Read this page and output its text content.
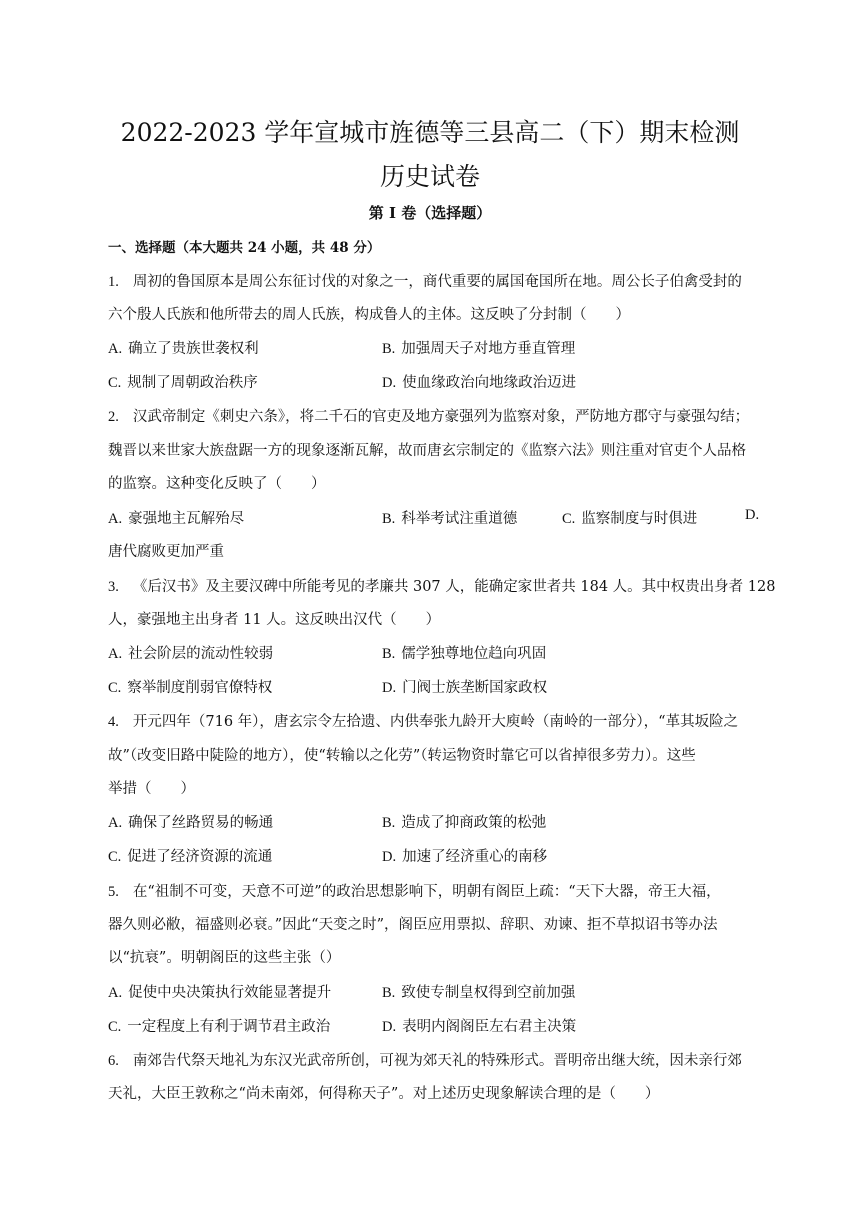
2022-2023 学年宣城市旌德等三县高二（下）期末检测
历史试卷
第 I 卷（选择题）
一、选择题（本大题共 24 小题，共 48 分）
1. 周初的鲁国原本是周公东征讨伐的对象之一，商代重要的属国奄国所在地。周公长子伯禽受封的
六个殷人氏族和他所带去的周人氏族，构成鲁人的主体。这反映了分封制（　　）
A. 确立了贵族世袭权利	B. 加强周天子对地方垂直管理
C. 规制了周朝政治秩序	D. 使血缘政治向地缘政治迈进
2. 汉武帝制定《刺史六条》，将二千石的官吏及地方豪强列为监察对象，严防地方郡守与豪强勾结；
魏晋以来世家大族盘踞一方的现象逐渐瓦解，故而唐玄宗制定的《监察六法》则注重对官吏个人品格
的监察。这种变化反映了（　　）
A. 豪强地主瓦解殆尽	B. 科举考试注重道德	C. 监察制度与时俱进	D.
唐代腐败更加严重
3. 《后汉书》及主要汉碑中所能考见的孝廉共 307 人，能确定家世者共 184 人。其中权贵出身者 128
人，豪强地主出身者 11 人。这反映出汉代（　　）
A. 社会阶层的流动性较弱	B. 儒学独尊地位趋向巩固
C. 察举制度削弱官僚特权	D. 门阀士族垄断国家政权
4. 开元四年（716 年），唐玄宗令左拾遗、内供奉张九龄开大庾岭（南岭的一部分），“革其坂险之
故”（改变旧路中陡险的地方），使“转输以之化劳”（转运物资时靠它可以省掉很多劳力）。这些
举措（　　）
A. 确保了丝路贸易的畅通	B. 造成了抑商政策的松弛
C. 促进了经济资源的流通	D. 加速了经济重心的南移
5. 在“祖制不可变，天意不可逆”的政治思想影响下，明朝有阁臣上疏：“天下大器，帝王大福，
器久则必敝，福盛则必衰。”因此“天变之时”，阁臣应用票拟、辞职、劝谏、拒不草拟诏书等办法
以“抗衰”。明朝阁臣的这些主张（）
A. 促使中央决策执行效能显著提升	B. 致使专制皇权得到空前加强
C. 一定程度上有利于调节君主政治	D. 表明内阁阁臣左右君主决策
6. 南郊告代祭天地礼为东汉光武帝所创，可视为郊天礼的特殊形式。晋明帝出继大统，因未亲行郊
天礼，大臣王敦称之“尚未南郊，何得称天子”。对上述历史现象解读合理的是（　　）
